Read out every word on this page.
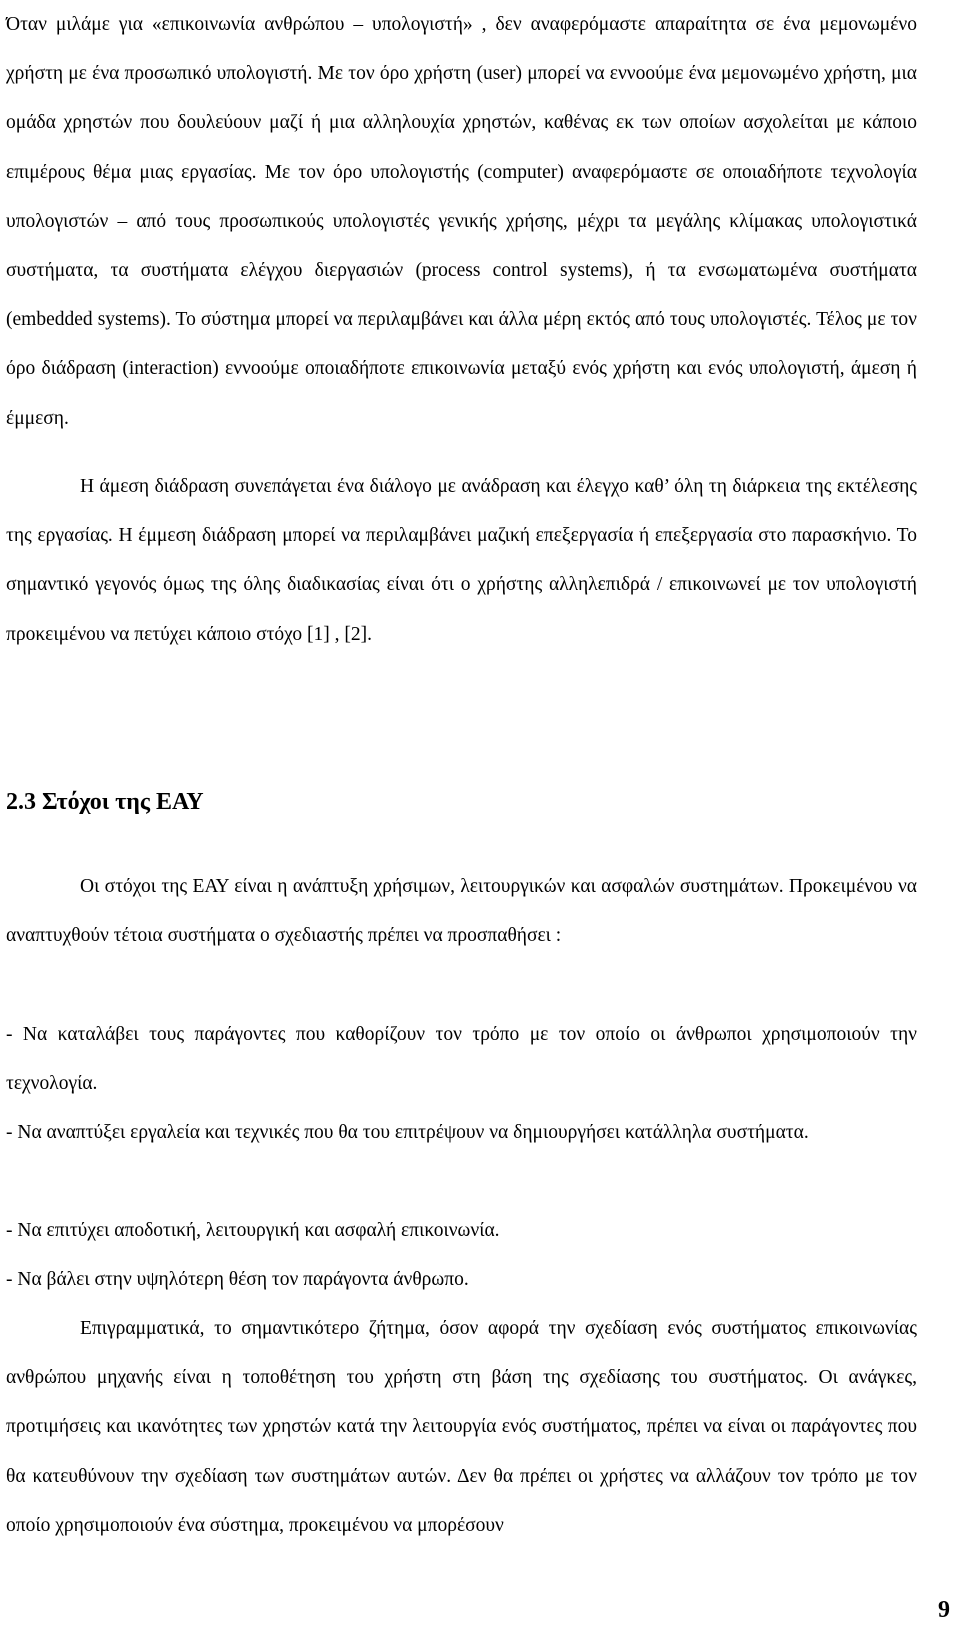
Όταν μιλάμε για «επικοινωνία ανθρώπου – υπολογιστή» , δεν αναφερόμαστε απαραίτητα σε ένα μεμονωμένο χρήστη με ένα προσωπικό υπολογιστή. Με τον όρο χρήστη (user) μπορεί να εννοούμε ένα μεμονωμένο χρήστη, μια ομάδα χρηστών που δουλεύουν μαζί ή μια αλληλουχία χρηστών, καθένας εκ των οποίων ασχολείται με κάποιο επιμέρους θέμα μιας εργασίας. Με τον όρο υπολογιστής (computer) αναφερόμαστε σε οποιαδήποτε τεχνολογία υπολογιστών – από τους προσωπικούς υπολογιστές γενικής χρήσης, μέχρι τα μεγάλης κλίμακας υπολογιστικά συστήματα, τα συστήματα ελέγχου διεργασιών (process control systems), ή τα ενσωματωμένα συστήματα (embedded systems). Το σύστημα μπορεί να περιλαμβάνει και άλλα μέρη εκτός από τους υπολογιστές. Τέλος με τον όρο διάδραση (interaction) εννοούμε οποιαδήποτε επικοινωνία μεταξύ ενός χρήστη και ενός υπολογιστή, άμεση ή έμμεση.

Η άμεση διάδραση συνεπάγεται ένα διάλογο με ανάδραση και έλεγχο καθ’ όλη τη διάρκεια της εκτέλεσης της εργασίας. Η έμμεση διάδραση μπορεί να περιλαμβάνει μαζική επεξεργασία ή επεξεργασία στο παρασκήνιο. Το σημαντικό γεγονός όμως της όλης διαδικασίας είναι ότι ο χρήστης αλληλεπιδρά / επικοινωνεί με τον υπολογιστή προκειμένου να πετύχει κάποιο στόχο [1] , [2].

2.3 Στόχοι της ΕΑΥ

Οι στόχοι της ΕΑΥ είναι η ανάπτυξη χρήσιμων, λειτουργικών και ασφαλών συστημάτων. Προκειμένου να αναπτυχθούν τέτοια συστήματα ο σχεδιαστής πρέπει να προσπαθήσει :

- Να καταλάβει τους παράγοντες που καθορίζουν τον τρόπο με τον οποίο οι άνθρωποι χρησιμοποιούν την τεχνολογία.
- Να αναπτύξει εργαλεία και τεχνικές που θα του επιτρέψουν να δημιουργήσει κατάλληλα συστήματα.
- Να επιτύχει αποδοτική, λειτουργική και ασφαλή επικοινωνία.
- Να βάλει στην υψηλότερη θέση τον παράγοντα άνθρωπο.

Επιγραμματικά, το σημαντικότερο ζήτημα, όσον αφορά την σχεδίαση ενός συστήματος επικοινωνίας ανθρώπου μηχανής είναι η τοποθέτηση του χρήστη στη βάση της σχεδίασης του συστήματος. Οι ανάγκες, προτιμήσεις και ικανότητες των χρηστών κατά την λειτουργία ενός συστήματος, πρέπει να είναι οι παράγοντες που θα κατευθύνουν την σχεδίαση των συστημάτων αυτών. Δεν θα πρέπει οι χρήστες να αλλάζουν τον τρόπο με τον οποίο χρησιμοποιούν ένα σύστημα, προκειμένου να μπορέσουν

9
